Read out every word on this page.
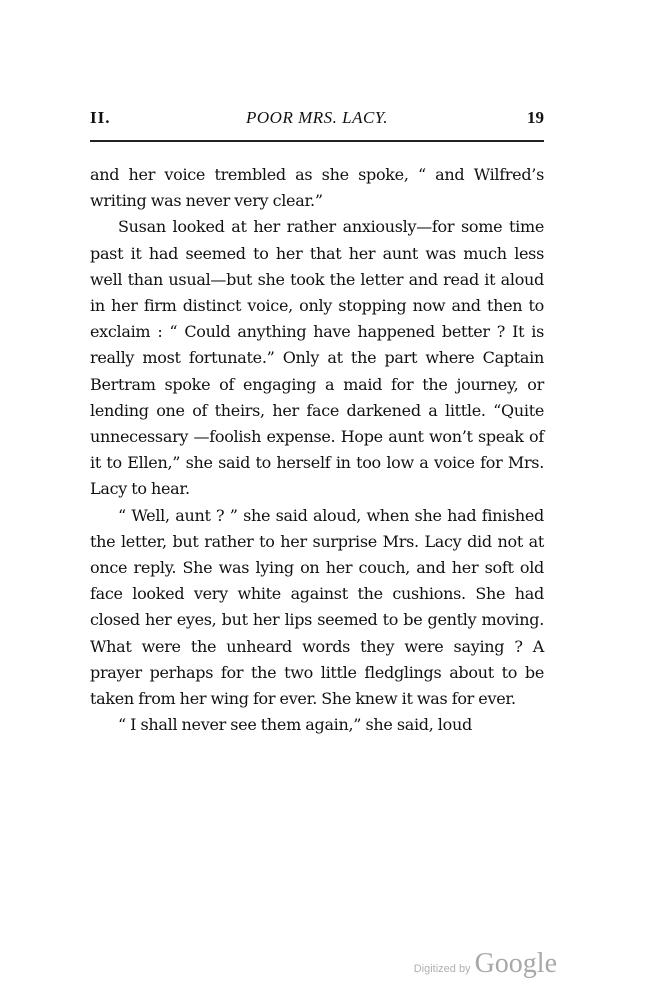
II.	POOR MRS. LACY.	19

and her voice trembled as she spoke, “ and Wilfred’s writing was never very clear.”

Susan looked at her rather anxiously—for some time past it had seemed to her that her aunt was much less well than usual—but she took the letter and read it aloud in her firm distinct voice, only stopping now and then to exclaim : “ Could anything have happened better ? It is really most fortunate.” Only at the part where Captain Bertram spoke of engaging a maid for the journey, or lending one of theirs, her face darkened a little. “Quite unnecessary —foolish expense. Hope aunt won’t speak of it to Ellen,” she said to herself in too low a voice for Mrs. Lacy to hear.

“ Well, aunt ? ” she said aloud, when she had finished the letter, but rather to her surprise Mrs. Lacy did not at once reply. She was lying on her couch, and her soft old face looked very white against the cushions. She had closed her eyes, but her lips seemed to be gently moving. What were the unheard words they were saying ? A prayer perhaps for the two little fledglings about to be taken from her wing for ever. She knew it was for ever.

“ I shall never see them again,” she said, loud

Digitized by Google
